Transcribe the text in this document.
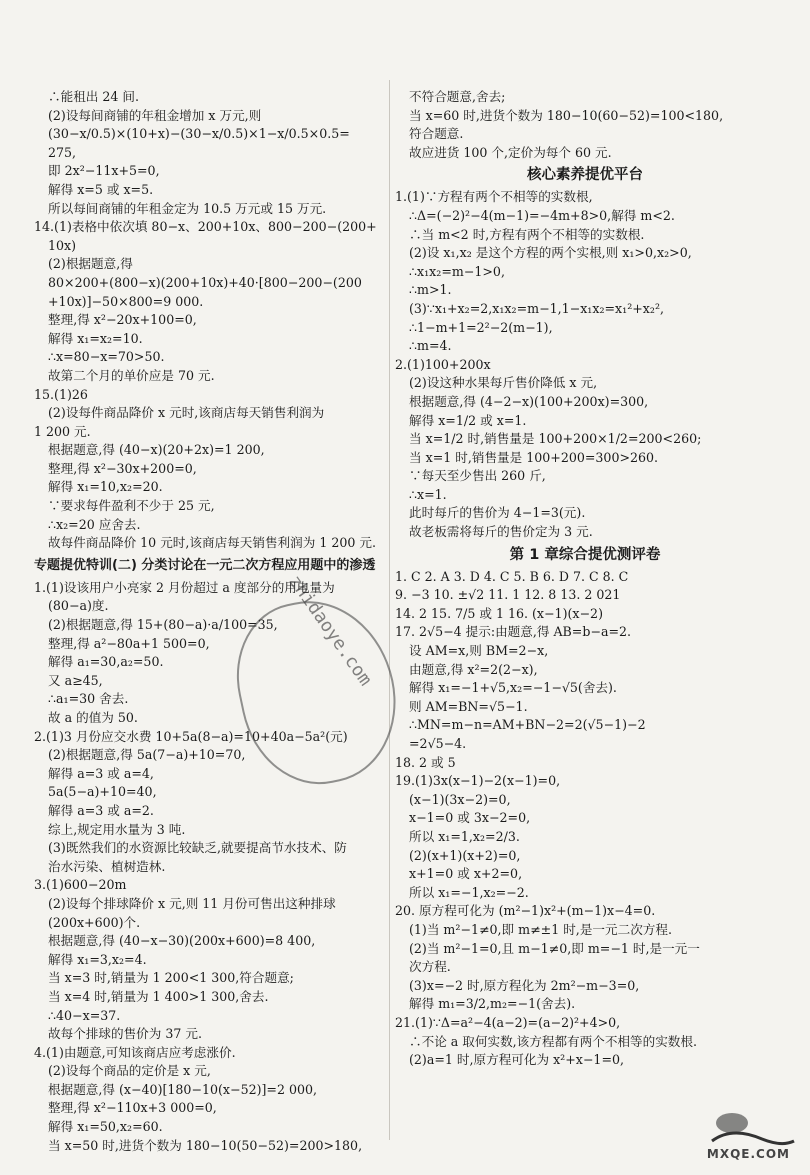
∴能租出 24 间.
(2)设每间商铺的年租金增加 x 万元,则
(30−x/0.5)×(10+x)−(30−x/0.5)×1−x/0.5×0.5=
275,
即 2x²−11x+5=0,
解得 x=5 或 x=5.
所以每间商铺的年租金定为 10.5 万元或 15 万元.
14.(1)表格中依次填 80−x、200+10x、800−200−(200+
10x)
(2)根据题意,得
80×200+(800−x)(200+10x)+40·[800−200−(200
+10x)]−50×800=9 000.
整理,得 x²−20x+100=0,
解得 x₁=x₂=10.
∴x=80−x=70>50.
故第二个月的单价应是 70 元.
15.(1)26
(2)设每件商品降价 x 元时,该商店每天销售利润为
1 200 元.
根据题意,得 (40−x)(20+2x)=1 200,
整理,得 x²−30x+200=0,
解得 x₁=10,x₂=20.
∵要求每件盈利不少于 25 元,
∴x₂=20 应舍去.
故每件商品降价 10 元时,该商店每天销售利润为 1 200 元.
专题提优特训(二) 分类讨论在一元二次方程应用题中的渗透
1.(1)设该用户小亮家 2 月份超过 a 度部分的用电量为
(80−a)度.
(2)根据题意,得 15+(80−a)·a/100=35,
整理,得 a²−80a+1 500=0,
解得 a₁=30,a₂=50.
又 a≥45,
∴a₁=30 舍去.
故 a 的值为 50.
2.(1)3 月份应交水费 10+5a(8−a)=10+40a−5a²(元)
(2)根据题意,得 5a(7−a)+10=70,
解得 a=3 或 a=4,
5a(5−a)+10=40,
解得 a=3 或 a=2.
综上,规定用水量为 3 吨.
(3)既然我们的水资源比较缺乏,就要提高节水技术、防
治水污染、植树造林.
3.(1)600−20m
(2)设每个排球降价 x 元,则 11 月份可售出这种排球
(200x+600)个.
根据题意,得 (40−x−30)(200x+600)=8 400,
解得 x₁=3,x₂=4.
当 x=3 时,销量为 1 200<1 300,符合题意;
当 x=4 时,销量为 1 400>1 300,舍去.
∴40−x=37.
故每个排球的售价为 37 元.
4.(1)由题意,可知该商店应考虑涨价.
(2)设每个商品的定价是 x 元,
根据题意,得 (x−40)[180−10(x−52)]=2 000,
整理,得 x²−110x+3 000=0,
解得 x₁=50,x₂=60.
当 x=50 时,进货个数为 180−10(50−52)=200>180,
不符合题意,舍去;
当 x=60 时,进货个数为 180−10(60−52)=100<180,
符合题意.
故应进货 100 个,定价为每个 60 元.
核心素养提优平台
1.(1)∵方程有两个不相等的实数根,
∴Δ=(−2)²−4(m−1)=−4m+8>0,解得 m<2.
∴当 m<2 时,方程有两个不相等的实数根.
(2)设 x₁,x₂ 是这个方程的两个实根,则 x₁>0,x₂>0,
∴x₁x₂=m−1>0,
∴m>1.
(3)∵x₁+x₂=2,x₁x₂=m−1,1−x₁x₂=x₁²+x₂²,
∴1−m+1=2²−2(m−1),
∴m=4.
2.(1)100+200x
(2)设这种水果每斤售价降低 x 元,
根据题意,得 (4−2−x)(100+200x)=300,
解得 x=1/2 或 x=1.
当 x=1/2 时,销售量是 100+200×1/2=200<260;
当 x=1 时,销售量是 100+200=300>260.
∵每天至少售出 260 斤,
∴x=1.
此时每斤的售价为 4−1=3(元).
故老板需将每斤的售价定为 3 元.
第 1 章综合提优测评卷
1. C 2. A 3. D 4. C 5. B 6. D 7. C 8. C
9. −3 10. ±√2 11. 1 12. 8 13. 2 021
14. 2 15. 7/5 或 1 16. (x−1)(x−2)
17. 2√5−4 提示:由题意,得 AB=b−a=2.
设 AM=x,则 BM=2−x,
由题意,得 x²=2(2−x),
解得 x₁=−1+√5,x₂=−1−√5(舍去).
则 AM=BN=√5−1.
∴MN=m−n=AM+BN−2=2(√5−1)−2
=2√5−4.
18. 2 或 5
19.(1)3x(x−1)−2(x−1)=0,
(x−1)(3x−2)=0,
x−1=0 或 3x−2=0,
所以 x₁=1,x₂=2/3.
(2)(x+1)(x+2)=0,
x+1=0 或 x+2=0,
所以 x₁=−1,x₂=−2.
20. 原方程可化为 (m²−1)x²+(m−1)x−4=0.
(1)当 m²−1≠0,即 m≠±1 时,是一元二次方程.
(2)当 m²−1=0,且 m−1≠0,即 m=−1 时,是一元一
次方程.
(3)x=−2 时,原方程化为 2m²−m−3=0,
解得 m₁=3/2,m₂=−1(舍去).
21.(1)∵Δ=a²−4(a−2)=(a−2)²+4>0,
∴不论 a 取何实数,该方程都有两个不相等的实数根.
(2)a=1 时,原方程可化为 x²+x−1=0,
zhidaoye.com
MXQE.COM
